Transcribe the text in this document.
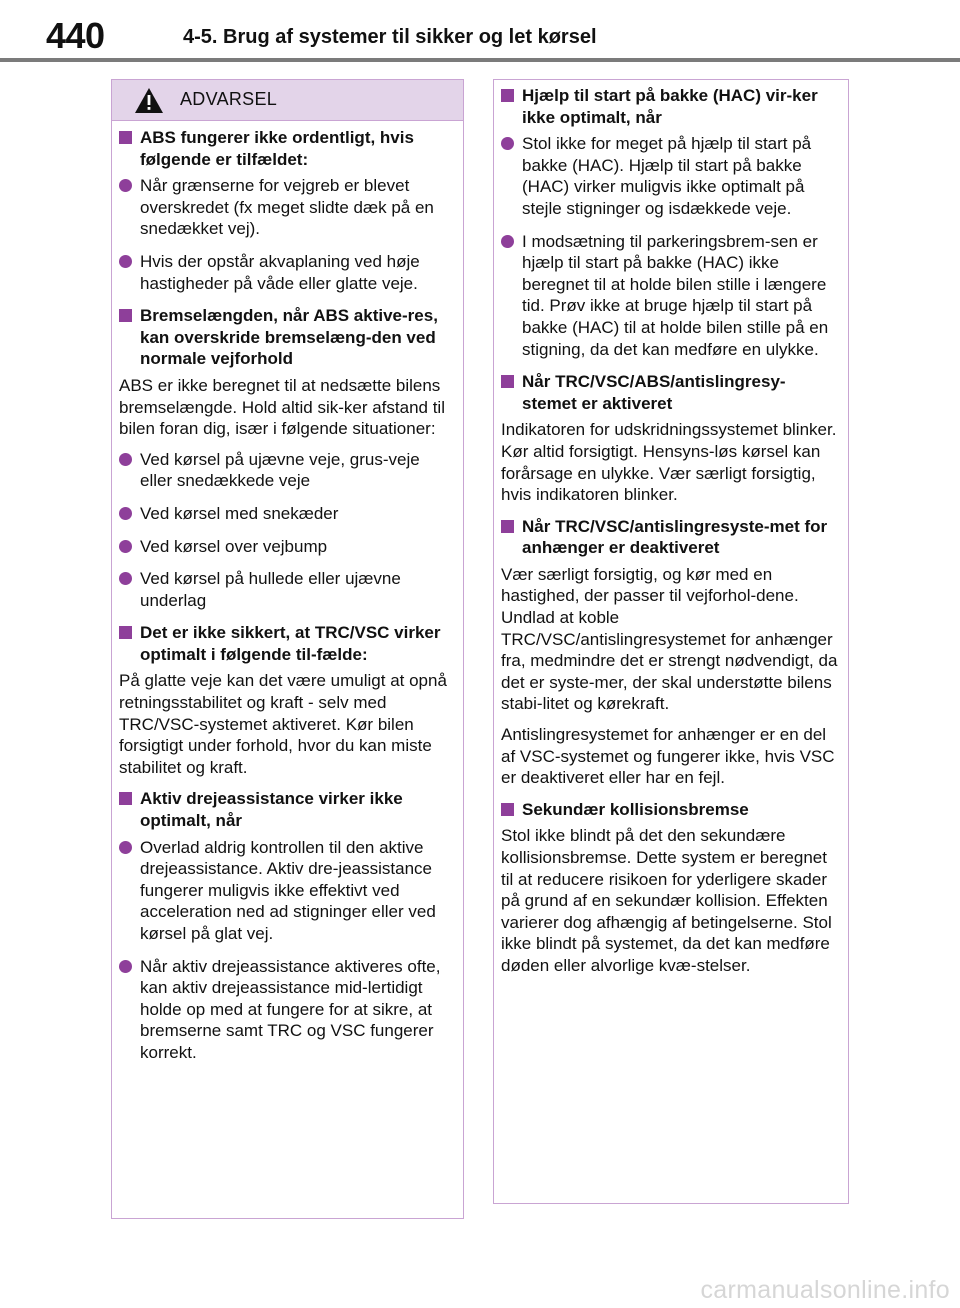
440	4-5. Brug af systemer til sikker og let kørsel
ADVARSEL
ABS fungerer ikke ordentligt, hvis følgende er tilfældet:
Når grænserne for vejgreb er blevet overskredet (fx meget slidte dæk på en snedækket vej).
Hvis der opstår akvaplaning ved høje hastigheder på våde eller glatte veje.
Bremselængden, når ABS aktive-res, kan overskride bremselæng-den ved normale vejforhold
ABS er ikke beregnet til at nedsætte bilens bremselængde. Hold altid sik-ker afstand til bilen foran dig, især i følgende situationer:
Ved kørsel på ujævne veje, grus-veje eller snedækkede veje
Ved kørsel med snekæder
Ved kørsel over vejbump
Ved kørsel på hullede eller ujævne underlag
Det er ikke sikkert, at TRC/VSC virker optimalt i følgende til-fælde:
På glatte veje kan det være umuligt at opnå retningsstabilitet og kraft - selv med TRC/VSC-systemet aktiveret. Kør bilen forsigtigt under forhold, hvor du kan miste stabilitet og kraft.
Aktiv drejeassistance virker ikke optimalt, når
Overlad aldrig kontrollen til den aktive drejeassistance. Aktiv dre-jeassistance fungerer muligvis ikke effektivt ved acceleration ned ad stigninger eller ved kørsel på glat vej.
Når aktiv drejeassistance aktiveres ofte, kan aktiv drejeassistance mid-lertidigt holde op med at fungere for at sikre, at bremserne samt TRC og VSC fungerer korrekt.
Hjælp til start på bakke (HAC) vir-ker ikke optimalt, når
Stol ikke for meget på hjælp til start på bakke (HAC). Hjælp til start på bakke (HAC) virker muligvis ikke optimalt på stejle stigninger og isdækkede veje.
I modsætning til parkeringsbrem-sen er hjælp til start på bakke (HAC) ikke beregnet til at holde bilen stille i længere tid. Prøv ikke at bruge hjælp til start på bakke (HAC) til at holde bilen stille på en stigning, da det kan medføre en ulykke.
Når TRC/VSC/ABS/antislingresy-stemet er aktiveret
Indikatoren for udskridningssystemet blinker. Kør altid forsigtigt. Hensyns-løs kørsel kan forårsage en ulykke. Vær særligt forsigtig, hvis indikatoren blinker.
Når TRC/VSC/antislingresyste-met for anhænger er deaktiveret
Vær særligt forsigtig, og kør med en hastighed, der passer til vejforhol-dene. Undlad at koble TRC/VSC/antislingresystemet for anhænger fra, medmindre det er strengt nødvendigt, da det er syste-mer, der skal understøtte bilens stabi-litet og kørekraft.
Antislingresystemet for anhænger er en del af VSC-systemet og fungerer ikke, hvis VSC er deaktiveret eller har en fejl.
Sekundær kollisionsbremse
Stol ikke blindt på det den sekundære kollisionsbremse. Dette system er beregnet til at reducere risikoen for yderligere skader på grund af en sekundær kollision. Effekten varierer dog afhængig af betingelserne. Stol ikke blindt på systemet, da det kan medføre døden eller alvorlige kvæ-stelser.
carmanualsonline.info
